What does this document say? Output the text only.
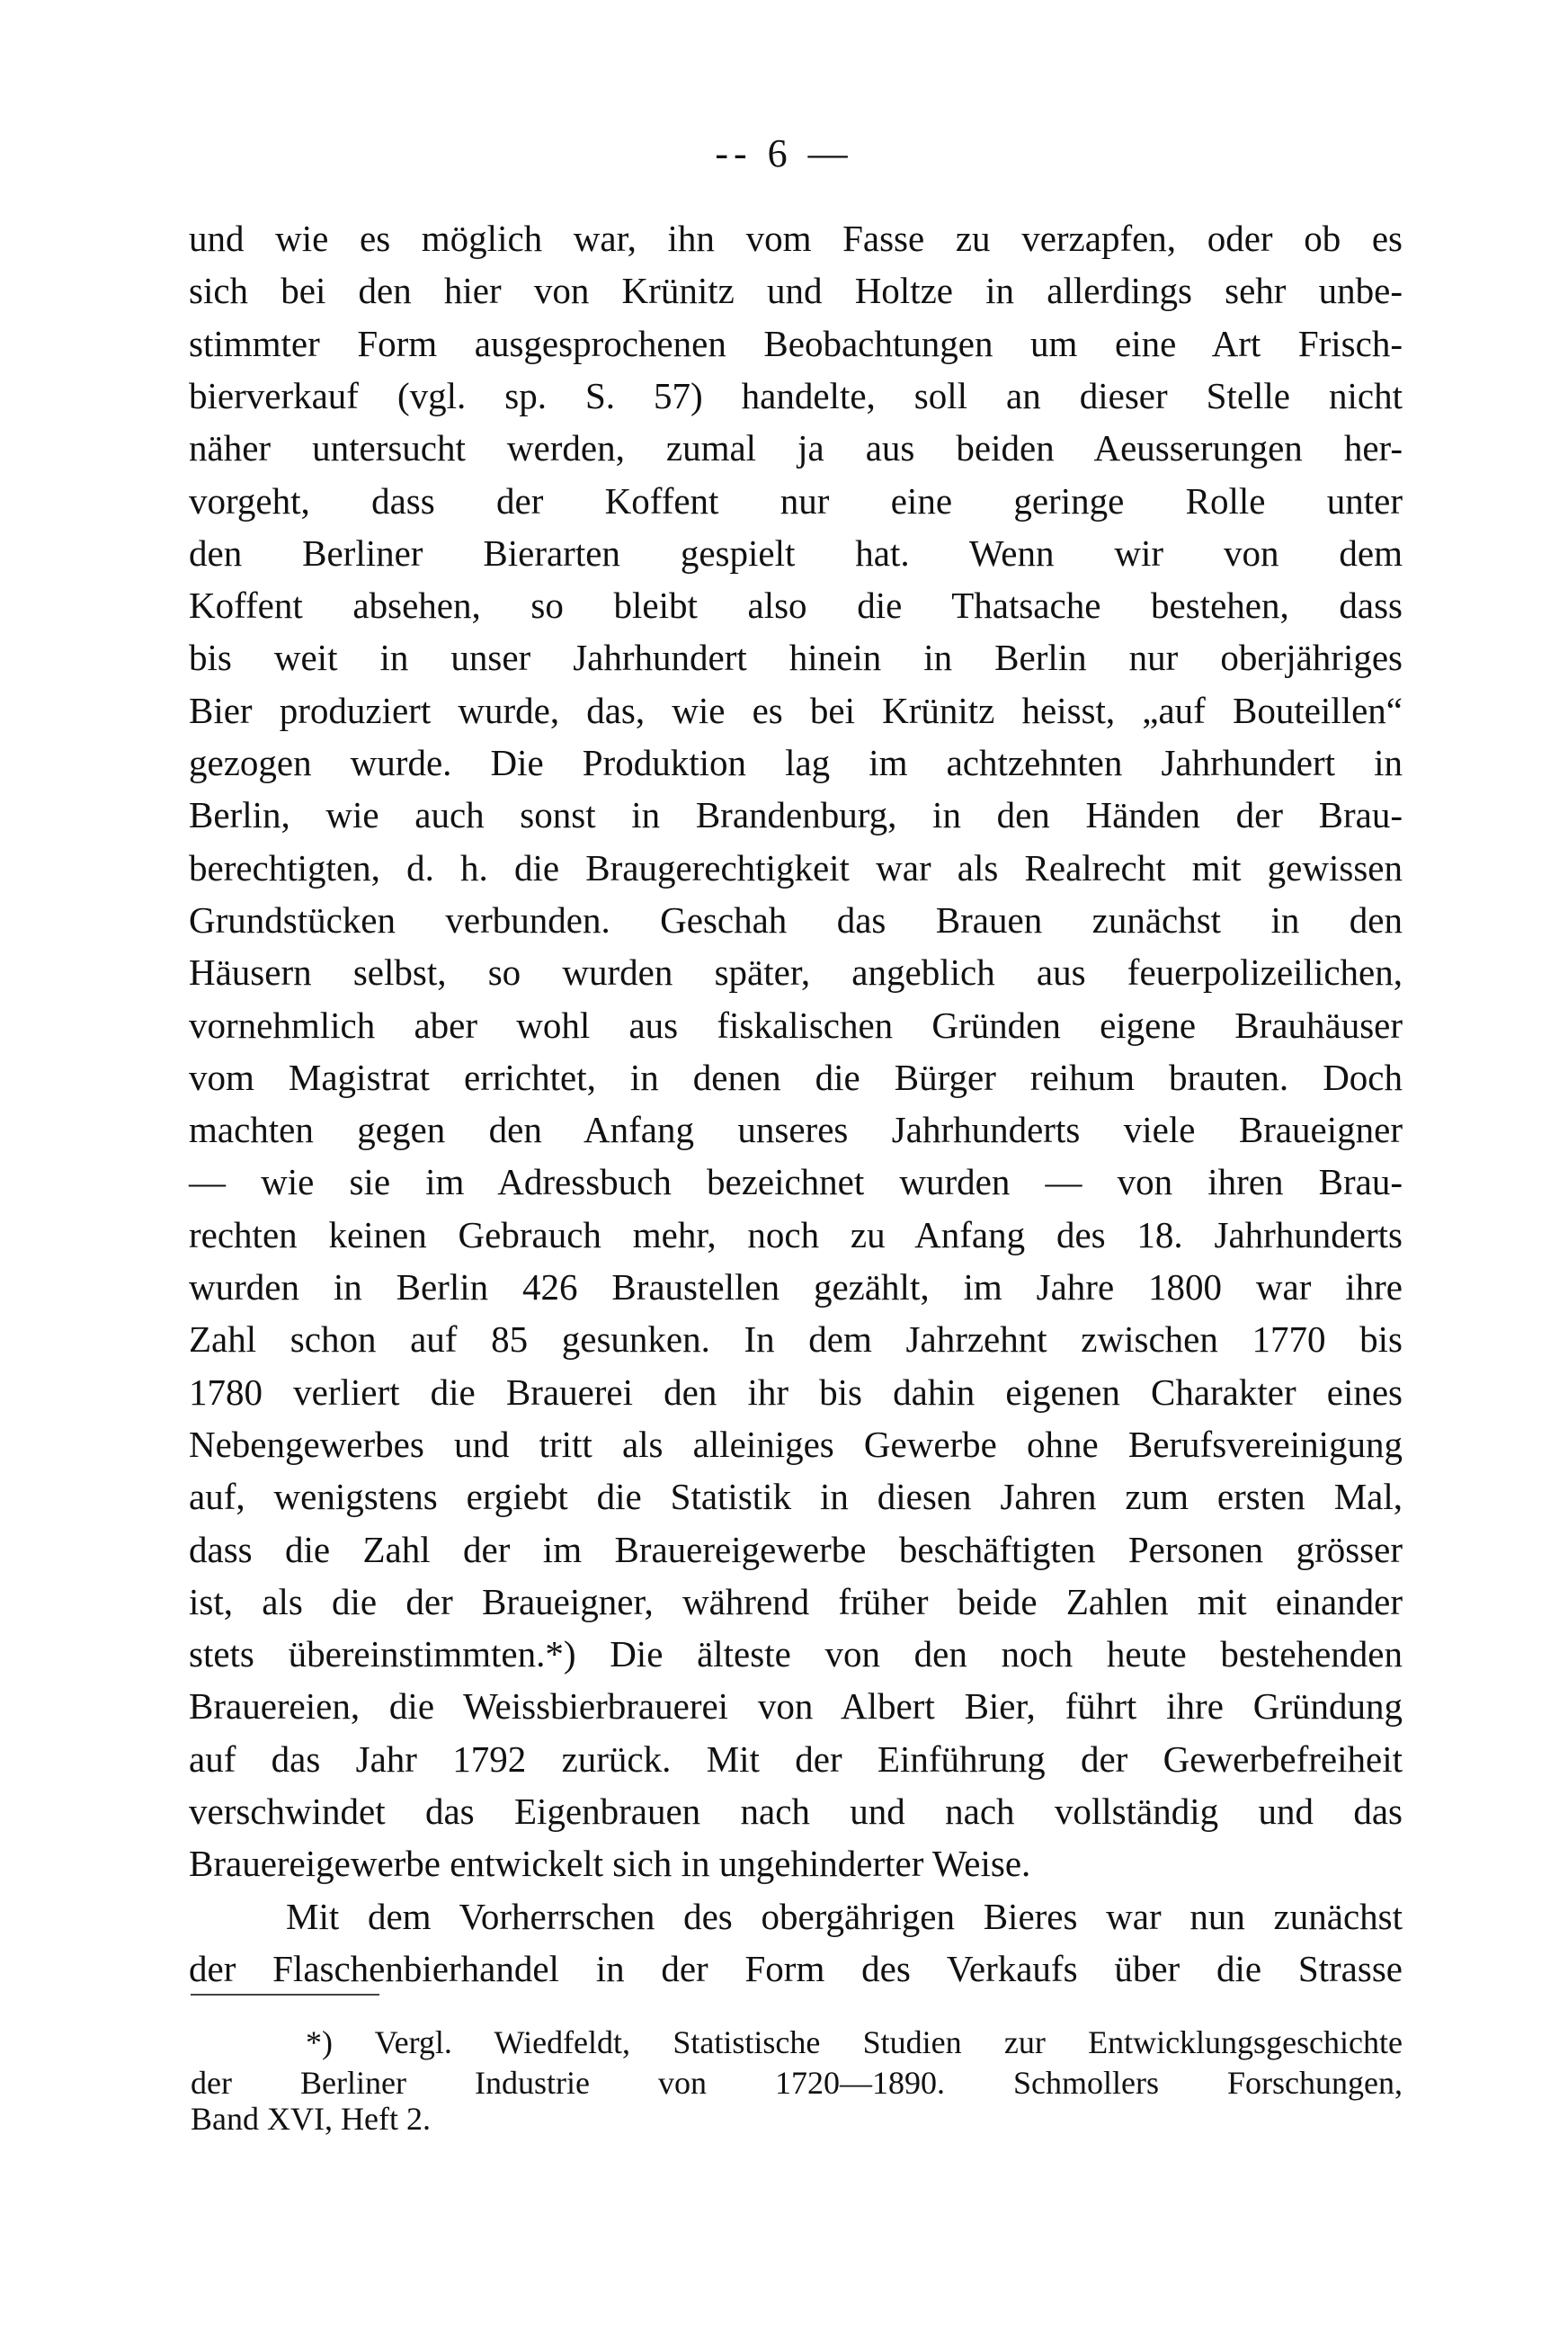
-- 6 —
und wie es möglich war, ihn vom Fasse zu verzapfen, oder ob es
sich bei den hier von Krünitz und Holtze in allerdings sehr unbe-
stimmter Form ausgesprochenen Beobachtungen um eine Art Frisch-
bierverkauf (vgl. sp. S. 57) handelte, soll an dieser Stelle nicht
näher untersucht werden, zumal ja aus beiden Aeusserungen her-
vorgeht, dass der Koffent nur eine geringe Rolle unter
den Berliner Bierarten gespielt hat. Wenn wir von dem
Koffent absehen, so bleibt also die Thatsache bestehen, dass
bis weit in unser Jahrhundert hinein in Berlin nur oberjähriges
Bier produziert wurde, das, wie es bei Krünitz heisst, „auf Bouteillen“
gezogen wurde. Die Produktion lag im achtzehnten Jahrhundert in
Berlin, wie auch sonst in Brandenburg, in den Händen der Brau-
berechtigten, d. h. die Braugerechtigkeit war als Realrecht mit gewissen
Grundstücken verbunden. Geschah das Brauen zunächst in den
Häusern selbst, so wurden später, angeblich aus feuerpolizeilichen,
vornehmlich aber wohl aus fiskalischen Gründen eigene Brauhäuser
vom Magistrat errichtet, in denen die Bürger reihum brauten. Doch
machten gegen den Anfang unseres Jahrhunderts viele Braueigner
— wie sie im Adressbuch bezeichnet wurden — von ihren Brau-
rechten keinen Gebrauch mehr, noch zu Anfang des 18. Jahrhunderts
wurden in Berlin 426 Braustellen gezählt, im Jahre 1800 war ihre
Zahl schon auf 85 gesunken. In dem Jahrzehnt zwischen 1770 bis
1780 verliert die Brauerei den ihr bis dahin eigenen Charakter eines
Nebengewerbes und tritt als alleiniges Gewerbe ohne Berufsvereinigung
auf, wenigstens ergiebt die Statistik in diesen Jahren zum ersten Mal,
dass die Zahl der im Brauereigewerbe beschäftigten Personen grösser
ist, als die der Braueigner, während früher beide Zahlen mit einander
stets übereinstimmten.*) Die älteste von den noch heute bestehenden
Brauereien, die Weissbierbrauerei von Albert Bier, führt ihre Gründung
auf das Jahr 1792 zurück. Mit der Einführung der Gewerbefreiheit
verschwindet das Eigenbrauen nach und nach vollständig und das
Brauereigewerbe entwickelt sich in ungehinderter Weise.
Mit dem Vorherrschen des obergährigen Bieres war nun zunächst
der Flaschenbierhandel in der Form des Verkaufs über die Strasse
*) Vergl. Wiedfeldt, Statistische Studien zur Entwicklungsgeschichte
der Berliner Industrie von 1720—1890. Schmollers Forschungen,
Band XVI, Heft 2.
